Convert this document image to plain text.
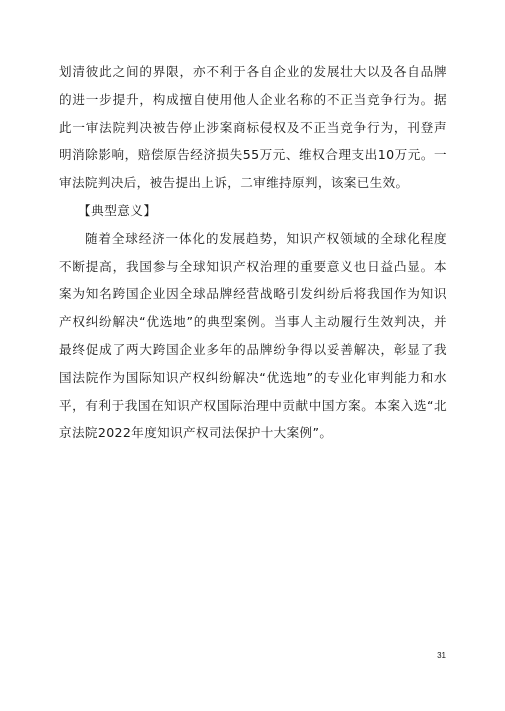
划清彼此之间的界限，亦不利于各自企业的发展壮大以及各自品牌的进一步提升，构成擅自使用他人企业名称的不正当竞争行为。据此一审法院判决被告停止涉案商标侵权及不正当竞争行为，刊登声明消除影响，赔偿原告经济损失55万元、维权合理支出10万元。一审法院判决后，被告提出上诉，二审维持原判，该案已生效。

【典型意义】

随着全球经济一体化的发展趋势，知识产权领域的全球化程度不断提高，我国参与全球知识产权治理的重要意义也日益凸显。本案为知名跨国企业因全球品牌经营战略引发纠纷后将我国作为知识产权纠纷解决“优选地”的典型案例。当事人主动履行生效判决，并最终促成了两大跨国企业多年的品牌纷争得以妥善解决，彰显了我国法院作为国际知识产权纠纷解决“优选地”的专业化审判能力和水平，有利于我国在知识产权国际治理中贡献中国方案。本案入选“北京法院2022年度知识产权司法保护十大案例”。

31
